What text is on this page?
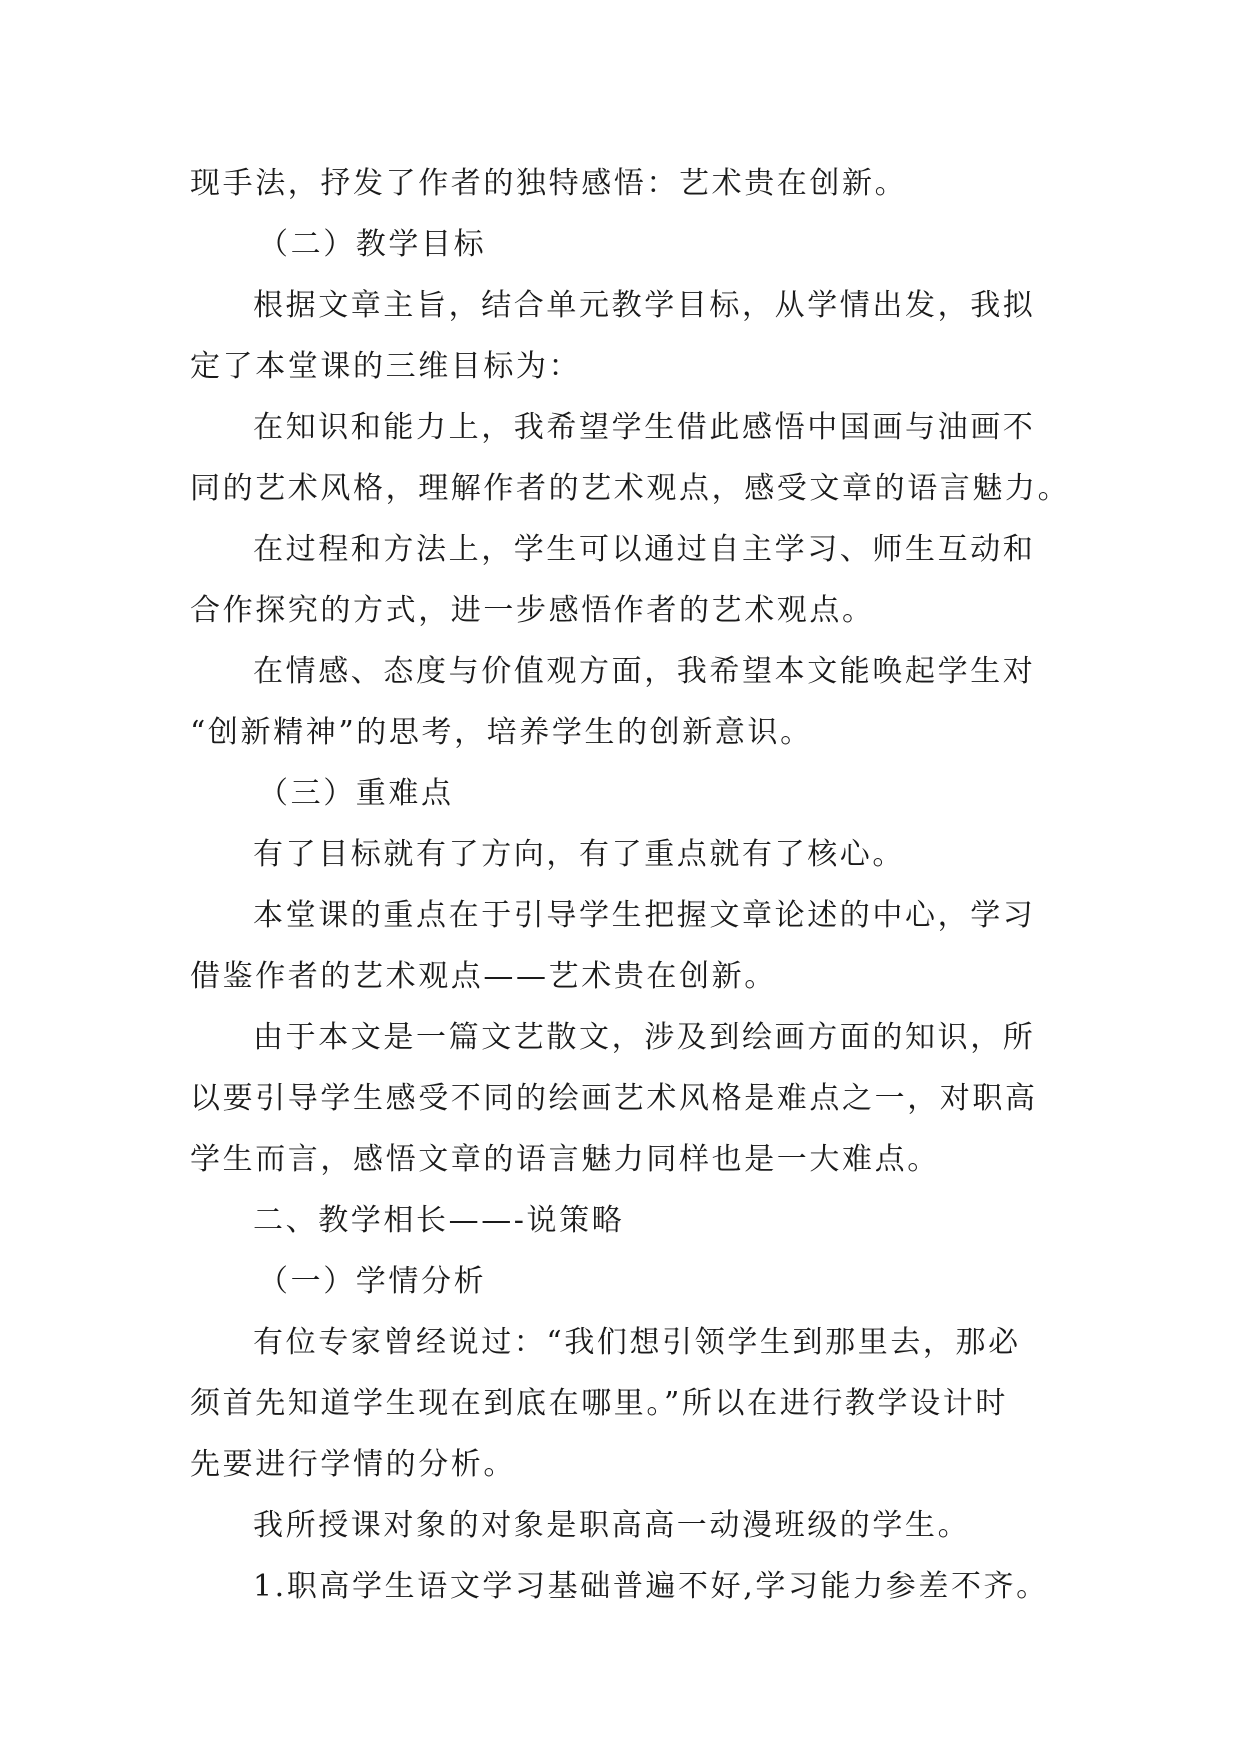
现手法，抒发了作者的独特感悟：艺术贵在创新。
（二）教学目标
根据文章主旨，结合单元教学目标，从学情出发，我拟
定了本堂课的三维目标为：
在知识和能力上，我希望学生借此感悟中国画与油画不
同的艺术风格，理解作者的艺术观点，感受文章的语言魅力。
在过程和方法上，学生可以通过自主学习、师生互动和
合作探究的方式，进一步感悟作者的艺术观点。
在情感、态度与价值观方面，我希望本文能唤起学生对
“创新精神”的思考，培养学生的创新意识。
（三）重难点
有了目标就有了方向，有了重点就有了核心。
本堂课的重点在于引导学生把握文章论述的中心，学习
借鉴作者的艺术观点——艺术贵在创新。
由于本文是一篇文艺散文，涉及到绘画方面的知识，所
以要引导学生感受不同的绘画艺术风格是难点之一，对职高
学生而言，感悟文章的语言魅力同样也是一大难点。
二、教学相长——-说策略
（一）学情分析
有位专家曾经说过：“我们想引领学生到那里去，那必
须首先知道学生现在到底在哪里。”所以在进行教学设计时
先要进行学情的分析。
我所授课对象的对象是职高高一动漫班级的学生。
1.职高学生语文学习基础普遍不好,学习能力参差不齐。
